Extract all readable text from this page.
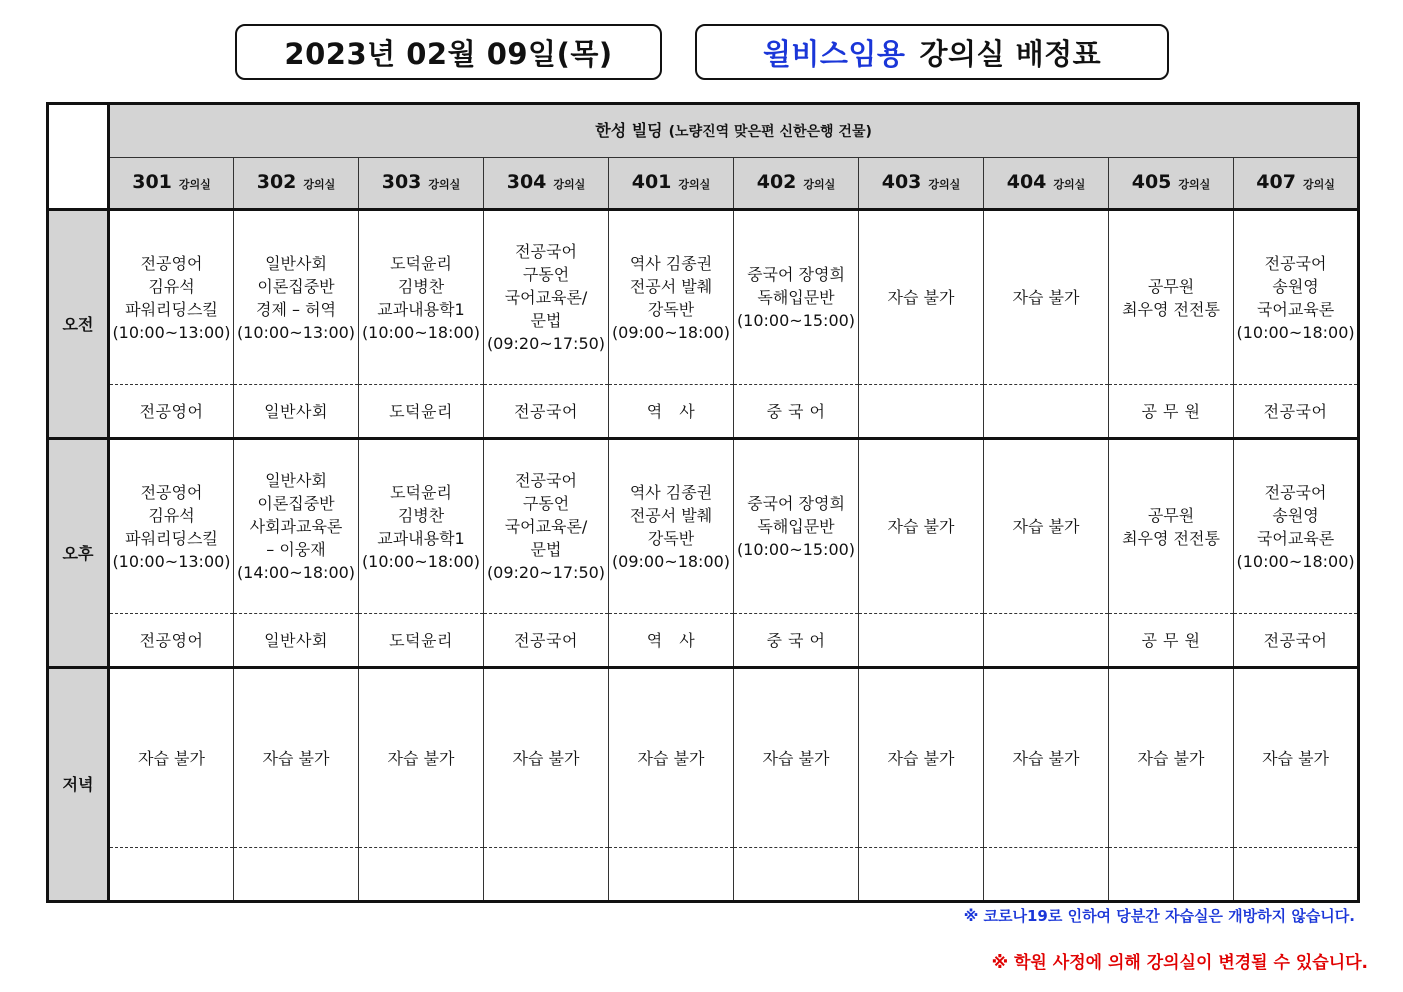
2023년 02월 09일(목)	윌비스임용 강의실 배정표
	한성 빌딩 (노량진역 맞은편 신한은행 건물)									
	301 강의실	302 강의실	303 강의실	304 강의실	401 강의실	402 강의실	403 강의실	404 강의실	405 강의실	407 강의실
오전	전공영어
김유석
파워리딩스킬
(10:00~13:00)	일반사회
이론집중반
경제 – 허역
(10:00~13:00)	도덕윤리
김병찬
교과내용학1
(10:00~18:00)	전공국어
구동언
국어교육론/
문법
(09:20~17:50)	역사 김종권
전공서 발췌
강독반
(09:00~18:00)	중국어 장영희
독해입문반
(10:00~15:00)	자습 불가	자습 불가	공무원
최우영 전전통	전공국어
송원영
국어교육론
(10:00~18:00)
	전공영어	일반사회	도덕윤리	전공국어	역　사	중 국 어			공 무 원	전공국어
오후	전공영어
김유석
파워리딩스킬
(10:00~13:00)	일반사회
이론집중반
사회과교육론
– 이웅재
(14:00~18:00)	도덕윤리
김병찬
교과내용학1
(10:00~18:00)	전공국어
구동언
국어교육론/
문법
(09:20~17:50)	역사 김종권
전공서 발췌
강독반
(09:00~18:00)	중국어 장영희
독해입문반
(10:00~15:00)	자습 불가	자습 불가	공무원
최우영 전전통	전공국어
송원영
국어교육론
(10:00~18:00)
	전공영어	일반사회	도덕윤리	전공국어	역　사	중 국 어			공 무 원	전공국어
저녁	자습 불가	자습 불가	자습 불가	자습 불가	자습 불가	자습 불가	자습 불가	자습 불가	자습 불가	자습 불가

※ 코로나19로 인하여 당분간 자습실은 개방하지 않습니다.
※ 학원 사정에 의해 강의실이 변경될 수 있습니다.
